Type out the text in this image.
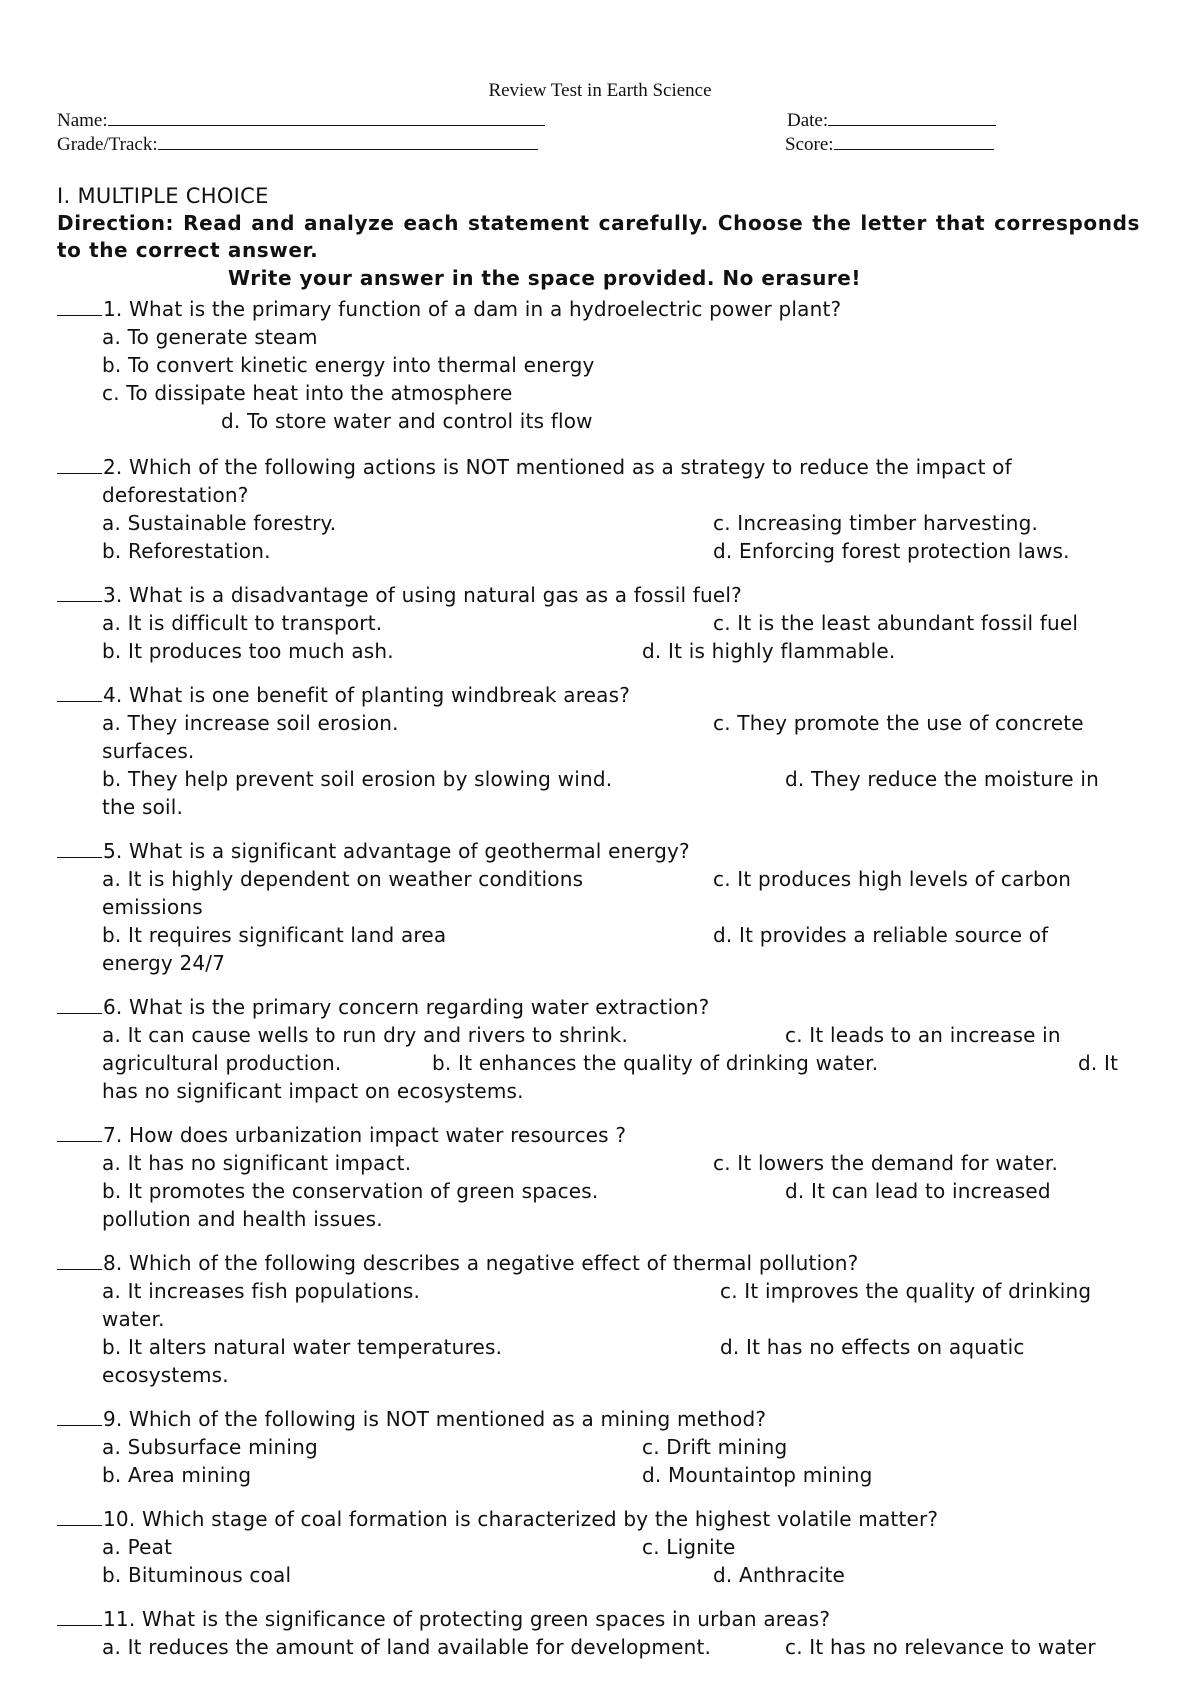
Review Test in Earth Science
Name:	Date:
Grade/Track:	Score:
I. MULTIPLE CHOICE
Direction: Read and analyze each statement carefully. Choose the letter that corresponds to the correct answer.
Write your answer in the space provided. No erasure!
1. What is the primary function of a dam in a hydroelectric power plant?
a. To generate steam
b. To convert kinetic energy into thermal energy
c. To dissipate heat into the atmosphere
d. To store water and control its flow
2. Which of the following actions is NOT mentioned as a strategy to reduce the impact of
deforestation?
a. Sustainable forestry.	c. Increasing timber harvesting.
b. Reforestation.	d. Enforcing forest protection laws.
3. What is a disadvantage of using natural gas as a fossil fuel?
a. It is difficult to transport.	c. It is the least abundant fossil fuel
b. It produces too much ash.	d. It is highly flammable.
4. What is one benefit of planting windbreak areas?
a. They increase soil erosion.	c. They promote the use of concrete
surfaces.
b. They help prevent soil erosion by slowing wind.	d. They reduce the moisture in
the soil.
5. What is a significant advantage of geothermal energy?
a. It is highly dependent on weather conditions	c. It produces high levels of carbon
emissions
b. It requires significant land area	d. It provides a reliable source of
energy 24/7
6. What is the primary concern regarding water extraction?
a. It can cause wells to run dry and rivers to shrink.	c. It leads to an increase in
agricultural production.	b. It enhances the quality of drinking water.	d. It
has no significant impact on ecosystems.
7. How does urbanization impact water resources ?
a. It has no significant impact.	c. It lowers the demand for water.
b. It promotes the conservation of green spaces.	d. It can lead to increased
pollution and health issues.
8. Which of the following describes a negative effect of thermal pollution?
a. It increases fish populations.	c. It improves the quality of drinking
water.
b. It alters natural water temperatures.	d. It has no effects on aquatic
ecosystems.
9. Which of the following is NOT mentioned as a mining method?
a. Subsurface mining	c. Drift mining
b. Area mining	d. Mountaintop mining
10. Which stage of coal formation is characterized by the highest volatile matter?
a. Peat	c. Lignite
b. Bituminous coal	d. Anthracite
11. What is the significance of protecting green spaces in urban areas?
a. It reduces the amount of land available for development.	c. It has no relevance to water
